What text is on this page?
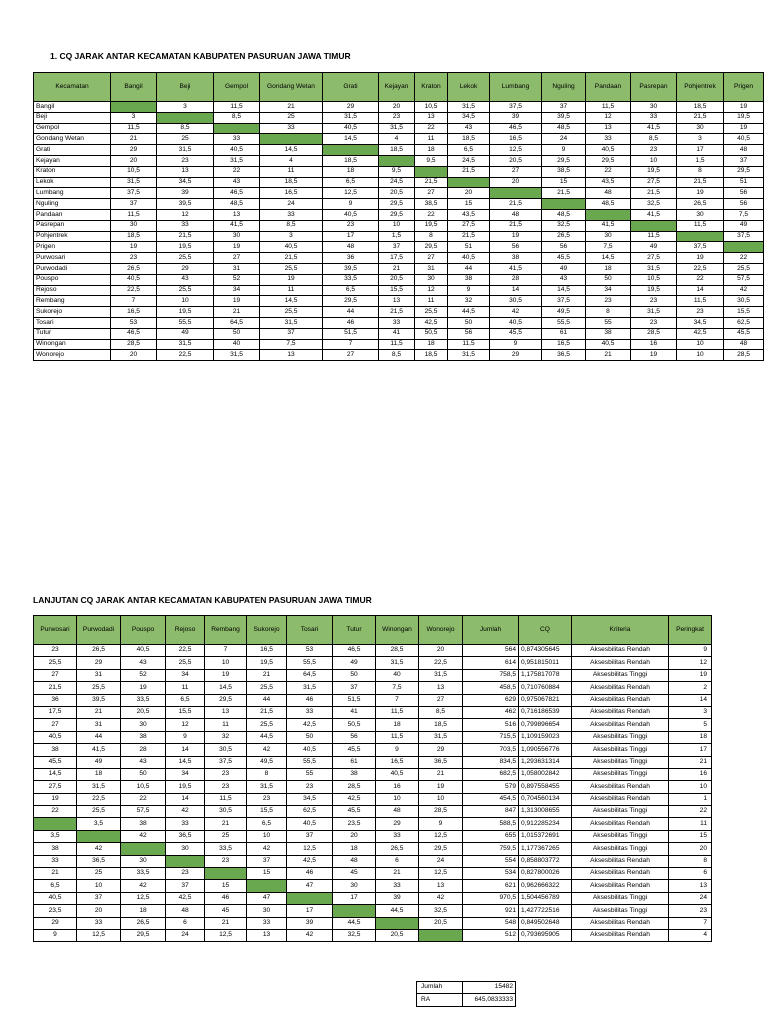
1. CQ JARAK ANTAR KECAMATAN KABUPATEN PASURUAN JAWA TIMUR
Kecamatan	Bangil	Beji	Gempol	Gondang Wetan	Grati	Kejayan	Kraton	Lekok	Lumbang	Nguling	Pandaan	Pasrepan	Pohjentrek	Prigen
Bangil		3	11,5	21	29	20	10,5	31,5	37,5	37	11,5	30	18,5	19
Beji	3		8,5	25	31,5	23	13	34,5	39	39,5	12	33	21,5	19,5
Gempol	11,5	8,5		33	40,5	31,5	22	43	46,5	48,5	13	41,5	30	19
Gondang Wetan	21	25	33		14,5	4	11	18,5	16,5	24	33	8,5	3	40,5
Grati	29	31,5	40,5	14,5		18,5	18	6,5	12,5	9	40,5	23	17	48
Kejayan	20	23	31,5	4	18,5		9,5	24,5	20,5	29,5	29,5	10	1,5	37
Kraton	10,5	13	22	11	18	9,5		21,5	27	38,5	22	19,5	8	29,5
Lekok	31,5	34,5	43	18,5	6,5	24,5	21,5		20	15	43,5	27,5	21,5	51
Lumbang	37,5	39	46,5	16,5	12,5	20,5	27	20		21,5	48	21,5	19	56
Nguling	37	39,5	48,5	24	9	29,5	38,5	15	21,5		48,5	32,5	26,5	56
Pandaan	11,5	12	13	33	40,5	29,5	22	43,5	48	48,5		41,5	30	7,5
Pasrepan	30	33	41,5	8,5	23	10	19,5	27,5	21,5	32,5	41,5		11,5	49
Pohjentrek	18,5	21,5	30	3	17	1,5	8	21,5	19	26,5	30	11,5		37,5
Prigen	19	19,5	19	40,5	48	37	29,5	51	56	56	7,5	49	37,5	
Purwosari	23	25,5	27	21,5	36	17,5	27	40,5	38	45,5	14,5	27,5	19	22
Purwodadi	26,5	29	31	25,5	39,5	21	31	44	41,5	49	18	31,5	22,5	25,5
Pouspo	40,5	43	52	19	33,5	20,5	30	38	28	43	50	10,5	22	57,5
Rejoso	22,5	25,5	34	11	6,5	15,5	12	9	14	14,5	34	19,5	14	42
Rembang	7	10	19	14,5	29,5	13	11	32	30,5	37,5	23	23	11,5	30,5
Sukorejo	16,5	19,5	21	25,5	44	21,5	25,5	44,5	42	49,5	8	31,5	23	15,5
Tosari	53	55,5	64,5	31,5	46	33	42,5	50	40,5	55,5	55	23	34,5	62,5
Tutur	46,5	49	50	37	51,5	41	50,5	56	45,5	61	38	28,5	42,5	45,5
Winongan	28,5	31,5	40	7,5	7	11,5	18	11,5	9	16,5	40,5	16	10	48
Wonorejo	20	22,5	31,5	13	27	8,5	18,5	31,5	29	36,5	21	19	10	28,5
LANJUTAN CQ JARAK ANTAR KECAMATAN KABUPATEN PASURUAN JAWA TIMUR
Purwosari	Purwodadi	Pouspo	Rejoso	Rembang	Sukorejo	Tosari	Tutur	Winongan	Wonorejo	Jumlah	CQ	Kriteria	Peringkat
23	26,5	40,5	22,5	7	16,5	53	46,5	28,5	20	564	0,874305645	Aksesbilitas Rendah	9
25,5	29	43	25,5	10	19,5	55,5	49	31,5	22,5	614	0,951815011	Aksesbilitas Rendah	12
27	31	52	34	19	21	64,5	50	40	31,5	758,5	1,175817078	Aksesbilitas Tinggi	19
21,5	25,5	19	11	14,5	25,5	31,5	37	7,5	13	458,5	0,710760884	Aksesbilitas Rendah	2
36	39,5	33,5	6,5	29,5	44	46	51,5	7	27	629	0,975067821	Aksesbilitas Rendah	14
17,5	21	20,5	15,5	13	21,5	33	41	11,5	8,5	462	0,716186539	Aksesbilitas Rendah	3
27	31	30	12	11	25,5	42,5	50,5	18	18,5	516	0,799896654	Aksesbilitas Rendah	5
40,5	44	38	9	32	44,5	50	56	11,5	31,5	715,5	1,109159023	Aksesbilitas Tinggi	18
38	41,5	28	14	30,5	42	40,5	45,5	9	29	703,5	1,090556776	Aksesbilitas Tinggi	17
45,5	49	43	14,5	37,5	49,5	55,5	61	16,5	36,5	834,5	1,293631314	Aksesbilitas Tinggi	21
14,5	18	50	34	23	8	55	38	40,5	21	682,5	1,058002842	Aksesbilitas Tinggi	16
27,5	31,5	10,5	19,5	23	31,5	23	28,5	16	19	579	0,897558455	Aksesbilitas Rendah	10
19	22,5	22	14	11,5	23	34,5	42,5	10	10	454,5	0,704560134	Aksesbilitas Rendah	1
22	25,5	57,5	42	30,5	15,5	62,5	45,5	48	28,5	847	1,313008655	Aksesbilitas Tinggi	22
	3,5	38	33	21	6,5	40,5	23,5	29	9	588,5	0,912285234	Aksesbilitas Rendah	11
3,5		42	36,5	25	10	37	20	33	12,5	655	1,015372691	Aksesbilitas Tinggi	15
38	42		30	33,5	42	12,5	18	26,5	29,5	759,5	1,177367265	Aksesbilitas Tinggi	20
33	36,5	30		23	37	42,5	48	6	24	554	0,858803772	Aksesbilitas Rendah	8
21	25	33,5	23		15	46	45	21	12,5	534	0,827800026	Aksesbilitas Rendah	6
6,5	10	42	37	15		47	30	33	13	621	0,962666322	Aksesbilitas Rendah	13
40,5	37	12,5	42,5	46	47		17	39	42	970,5	1,504456789	Aksesbilitas Tinggi	24
23,5	20	18	48	45	30	17		44,5	32,5	921	1,427722516	Aksesbilitas Tinggi	23
29	33	26,5	6	21	33	39	44,5		20,5	548	0,849502648	Aksesbilitas Rendah	7
9	12,5	29,5	24	12,5	13	42	32,5	20,5		512	0,793695905	Aksesbilitas Rendah	4
Jumlah	15482
RA	645,0833333
